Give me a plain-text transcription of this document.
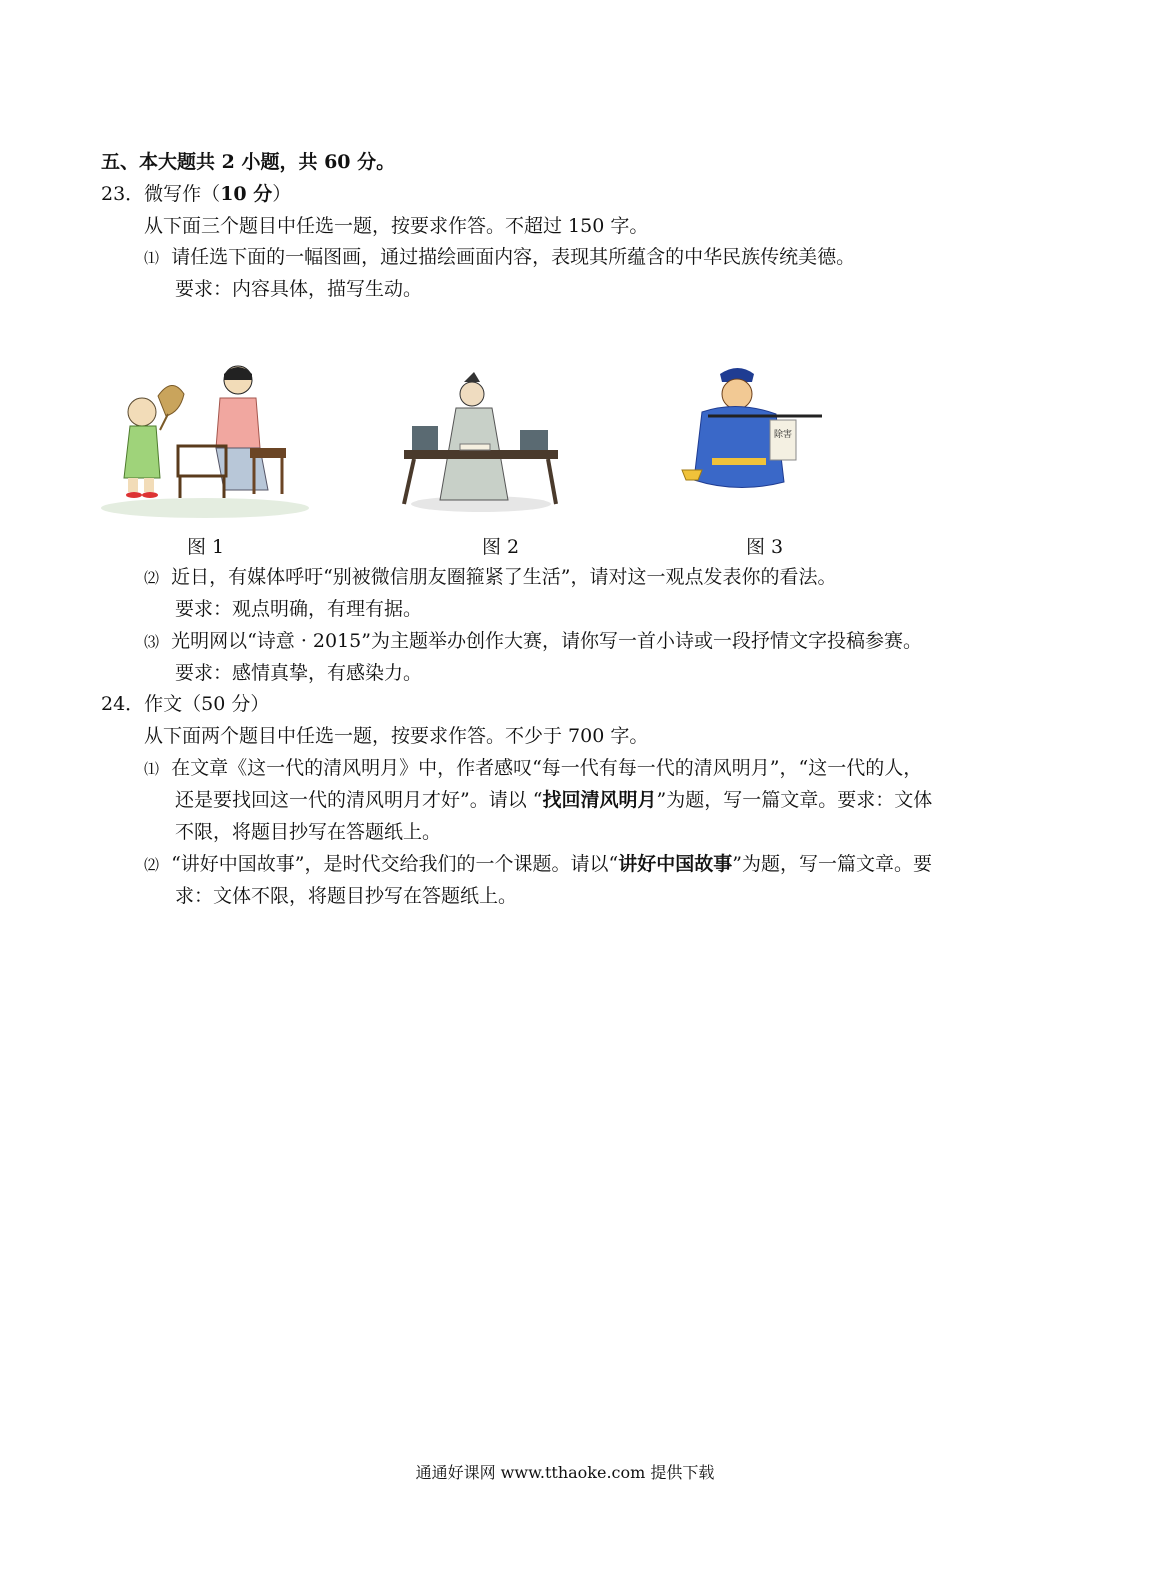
五、本大题共 2 小题，共 60 分。
23．微写作（10 分）
从下面三个题目中任选一题，按要求作答。不超过 150 字。
⑴ 请任选下面的一幅图画，通过描绘画面内容，表现其所蕴含的中华民族传统美德。
要求：内容具体，描写生动。
除害
图 1	图 2	图 3
⑵ 近日，有媒体呼吁“别被微信朋友圈箍紧了生活”，请对这一观点发表你的看法。
要求：观点明确，有理有据。
⑶ 光明网以“诗意 · 2015”为主题举办创作大赛，请你写一首小诗或一段抒情文字投稿参赛。
要求：感情真挚，有感染力。
24．作文（50 分）
从下面两个题目中任选一题，按要求作答。不少于 700 字。
⑴ 在文章《这一代的清风明月》中，作者感叹“每一代有每一代的清风明月”，“这一代的人，
还是要找回这一代的清风明月才好”。请以 “找回清风明月”为题，写一篇文章。要求：文体
不限，将题目抄写在答题纸上。
⑵ “讲好中国故事”，是时代交给我们的一个课题。请以“讲好中国故事”为题，写一篇文章。要
求：文体不限，将题目抄写在答题纸上。
通通好课网 www.tthaoke.com 提供下载
